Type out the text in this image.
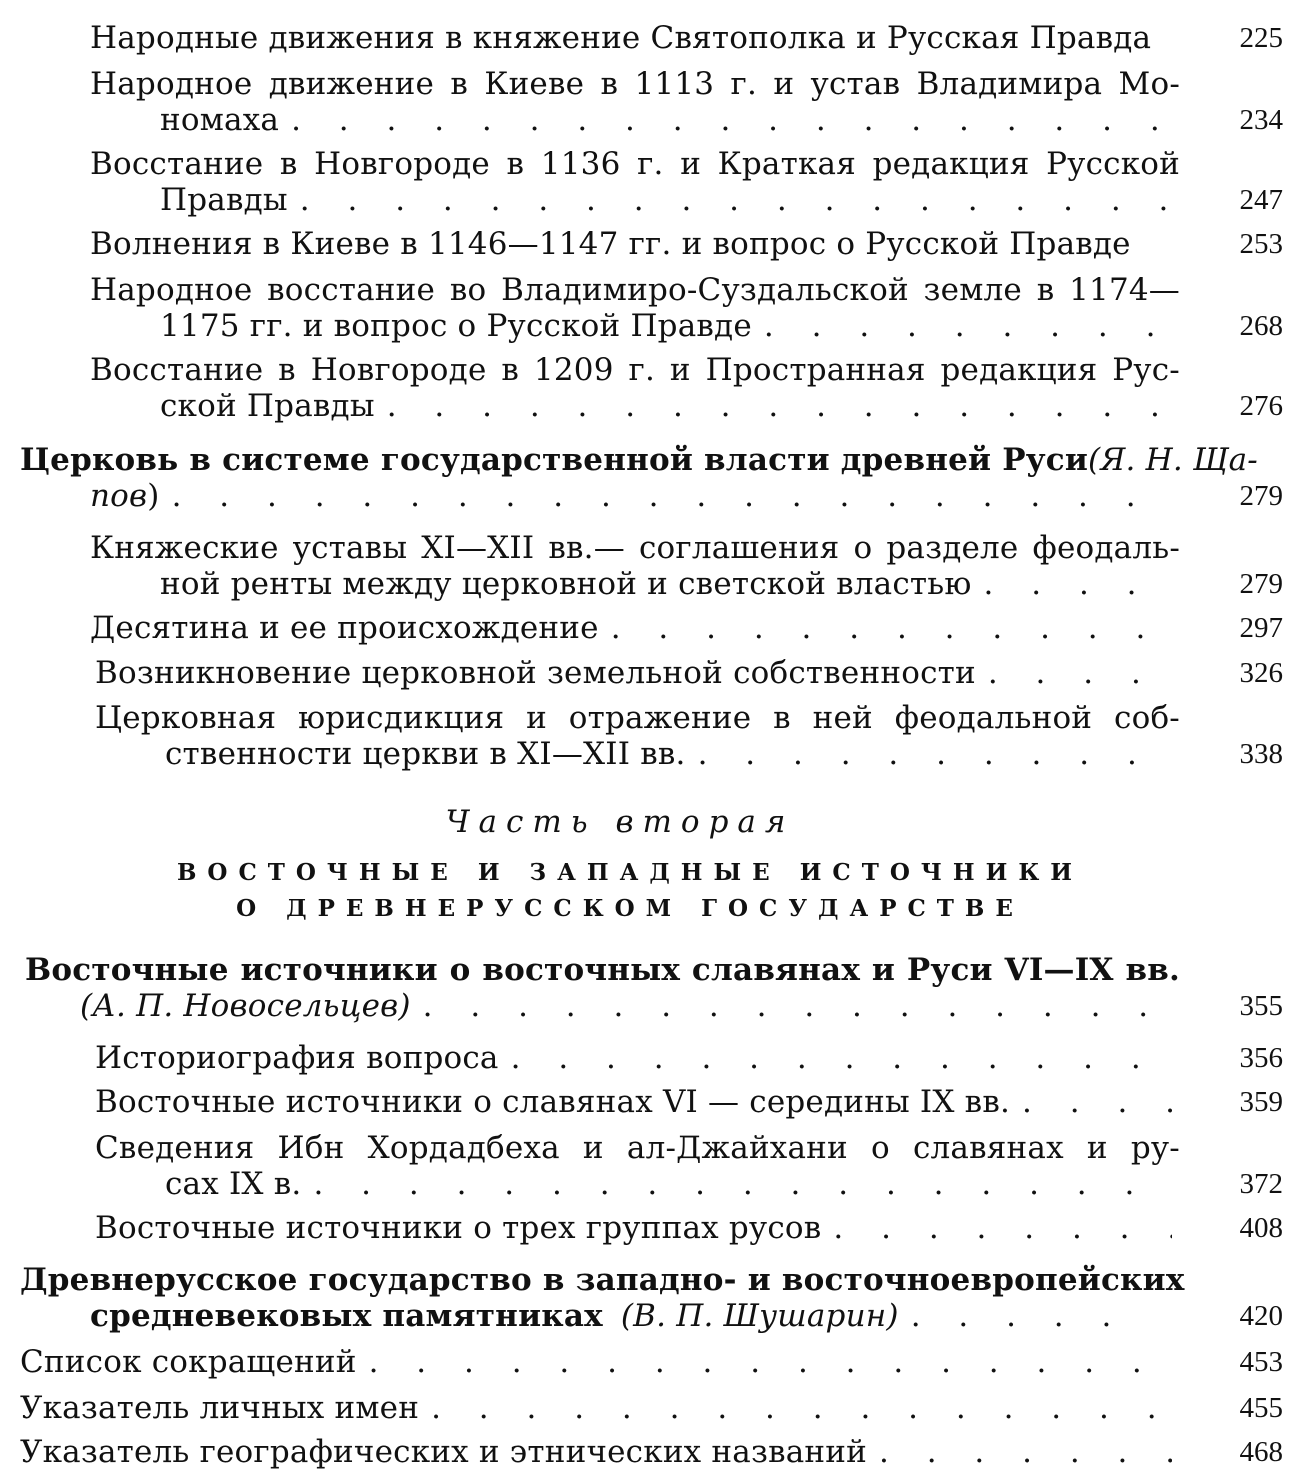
Народные движения в княжение Святополка и Русская Правда	225
Народное движение в Киеве в 1113 г. и устав Владимира Мо-
номаха . . .	234
Восстание в Новгороде в 1136 г. и Краткая редакция Русской
Правды . . .	247
Волнения в Киеве в 1146—1147 гг. и вопрос о Русской Правде	253
Народное восстание во Владимиро-Суздальской земле в 1174—
1175 гг. и вопрос о Русской Правде . . .	268
Восстание в Новгороде в 1209 г. и Пространная редакция Рус-
ской Правды . . .	276
Церковь в системе государственной власти древней Руси (Я. Н. Ща-
пов ) . . .	279
Княжеские уставы XI—XII вв.— соглашения о разделе феодаль-
ной ренты между церковной и светской властью . . .	279
Десятина и ее происхождение . . .	297
Возникновение церковной земельной собственности . . .	326
Церковная юрисдикция и отражение в ней феодальной соб-
ственности церкви в XI—XII вв. . . .	338
Часть вторая
ВОСТОЧНЫЕ И ЗАПАДНЫЕ ИСТОЧНИКИ
О ДРЕВНЕРУССКОМ ГОСУДАРСТВЕ
Восточные источники о восточных славянах и Руси VI—IX вв.
(А. П. Новосельцев) . . .	355
Историография вопроса . . .	356
Восточные источники о славянах VI — середины IX вв. . . .	359
Сведения Ибн Хордадбеха и ал-Джайхани о славянах и ру-
сах IX в. . . .	372
Восточные источники о трех группах русов . . .	408
Древнерусское государство в западно- и восточноевропейских
средневековых памятниках (В. П. Шушарин) . . .	420
Список сокращений . . .	453
Указатель личных имен . . .	455
Указатель географических и этнических названий . . .	468
